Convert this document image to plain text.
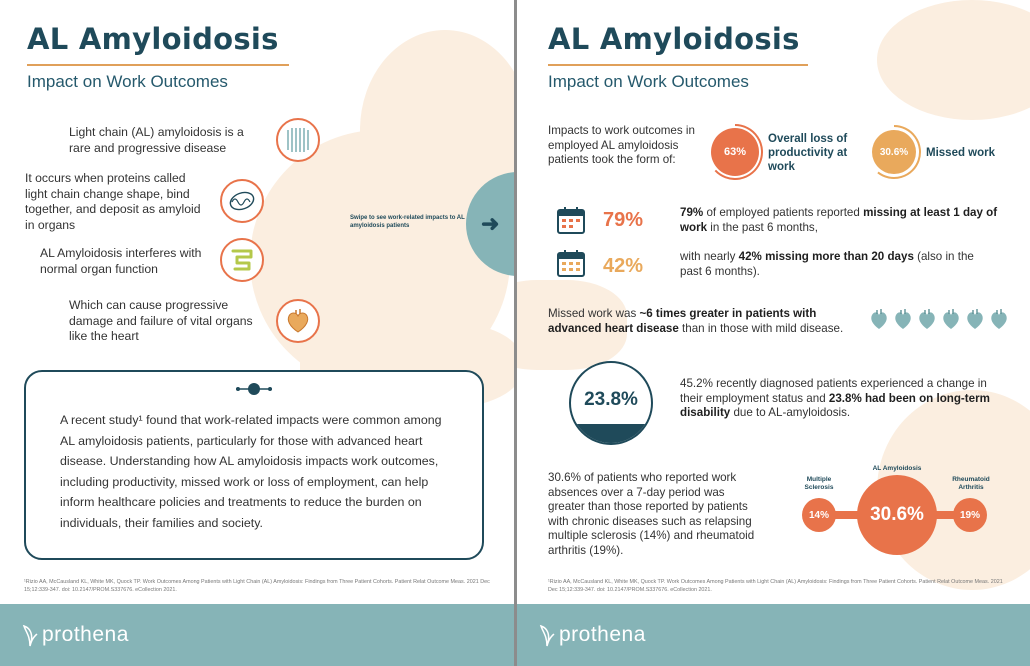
AL Amyloidosis
Impact on Work Outcomes
Light chain (AL) amyloidosis is a rare and progressive disease
It occurs when proteins called light chain change shape, bind together, and deposit as amyloid in organs
AL Amyloidosis interferes with normal organ function
Which can cause progressive damage and failure of vital organs like the heart
Swipe to see work-related impacts to AL amyloidosis patients	➜
A recent study¹ found that work-related impacts were common among AL amyloidosis patients, particularly for those with advanced heart disease. Understanding how AL amyloidosis impacts work outcomes, including productivity, missed work or loss of employment, can help inform healthcare policies and treatments to reduce the burden on individuals, their families and society.
¹Rizio AA, McCausland KL, White MK, Quock TP. Work Outcomes Among Patients with Light Chain (AL) Amyloidosis: Findings from Three Patient Cohorts. Patient Relat Outcome Meas. 2021 Dec 15;12:339-347. doi: 10.2147/PROM.S337676. eCollection 2021.
prothena
AL Amyloidosis
Impact on Work Outcomes
Impacts to work outcomes in employed AL amyloidosis patients took the form of:
63%
Overall loss of productivity at work
30.6%	Missed work
79%	79% of employed patients reported missing at least 1 day of work in the past 6 months,
42%	with nearly 42% missing more than 20 days (also in the past 6 months).
Missed work was ~6 times greater in patients with advanced heart disease than in those with mild disease.
23.8%
45.2% recently diagnosed patients experienced a change in their employment status and 23.8% had been on long-term disability due to AL-amyloidosis.
30.6% of patients who reported work absences over a 7-day period was greater than those reported by patients with chronic diseases such as relapsing multiple sclerosis (14%) and rheumatoid arthritis (19%).
Multiple Sclerosis
14%
AL Amyloidosis
30.6%
Rheumatoid Arthritis
19%
¹Rizio AA, McCausland KL, White MK, Quock TP. Work Outcomes Among Patients with Light Chain (AL) Amyloidosis: Findings from Three Patient Cohorts. Patient Relat Outcome Meas. 2021 Dec 15;12:339-347. doi: 10.2147/PROM.S337676. eCollection 2021.
prothena
